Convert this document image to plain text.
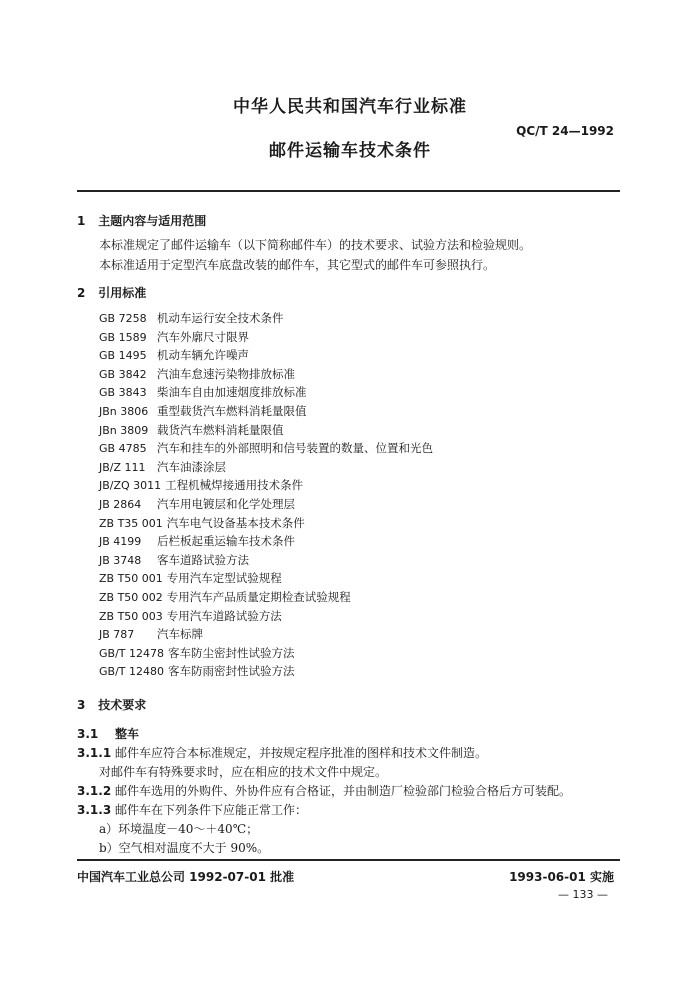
中华人民共和国汽车行业标准
QC/T 24—1992
邮件运输车技术条件
1 主题内容与适用范围
本标准规定了邮件运输车（以下简称邮件车）的技术要求、试验方法和检验规则。
本标准适用于定型汽车底盘改装的邮件车，其它型式的邮件车可参照执行。
2 引用标准
GB 7258 机动车运行安全技术条件
GB 1589 汽车外廓尺寸限界
GB 1495 机动车辆允许噪声
GB 3842 汽油车怠速污染物排放标准
GB 3843 柴油车自由加速烟度排放标准
JBn 3806 重型载货汽车燃料消耗量限值
JBn 3809 载货汽车燃料消耗量限值
GB 4785 汽车和挂车的外部照明和信号装置的数量、位置和光色
JB/Z 111 汽车油漆涂层
JB/ZQ 3011 工程机械焊接通用技术条件
JB 2864 汽车用电镀层和化学处理层
ZB T35 001 汽车电气设备基本技术条件
JB 4199 后栏板起重运输车技术条件
JB 3748 客车道路试验方法
ZB T50 001 专用汽车定型试验规程
ZB T50 002 专用汽车产品质量定期检查试验规程
ZB T50 003 专用汽车道路试验方法
JB 787 汽车标牌
GB/T 12478 客车防尘密封性试验方法
GB/T 12480 客车防雨密封性试验方法
3 技术要求
3.1 整车
3.1.1 邮件车应符合本标准规定，并按规定程序批准的图样和技术文件制造。
对邮件车有特殊要求时，应在相应的技术文件中规定。
3.1.2 邮件车选用的外购件、外协件应有合格证，并由制造厂检验部门检验合格后方可装配。
3.1.3 邮件车在下列条件下应能正常工作：
a）环境温度－40～＋40℃；
b）空气相对温度不大于 90%。
中国汽车工业总公司 1992-07-01 批准	1993-06-01 实施
— 133 —
